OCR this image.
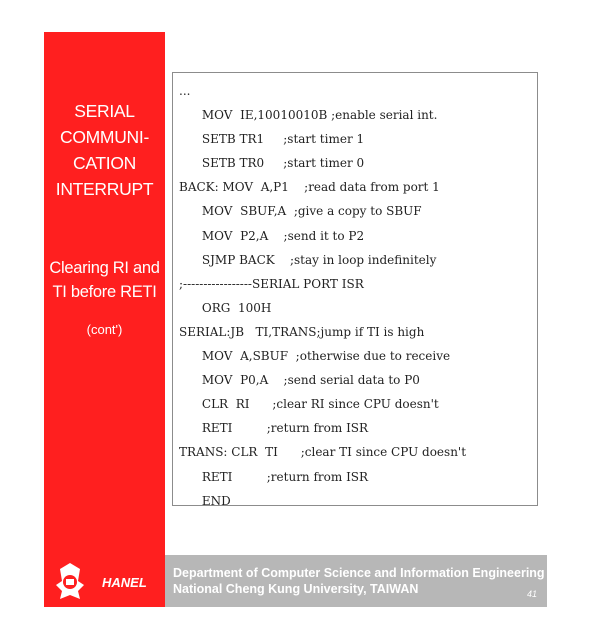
SERIAL
COMMUNI-
CATION
INTERRUPT
Clearing RI and
TI before RETI
(cont')
...
MOV  IE,10010010B ;enable serial int.
SETB TR1     ;start timer 1
SETB TR0     ;start timer 0
BACK: MOV  A,P1    ;read data from port 1
MOV  SBUF,A  ;give a copy to SBUF
MOV  P2,A    ;send it to P2
SJMP BACK    ;stay in loop indefinitely
;-----------------SERIAL PORT ISR
ORG  100H
SERIAL:JB   TI,TRANS;jump if TI is high
MOV  A,SBUF  ;otherwise due to receive
MOV  P0,A    ;send serial data to P0
CLR  RI      ;clear RI since CPU doesn't
RETI         ;return from ISR
TRANS: CLR  TI      ;clear TI since CPU doesn't
RETI         ;return from ISR
END
HANEL
Department of Computer Science and Information Engineering
National Cheng Kung University, TAIWAN	41
